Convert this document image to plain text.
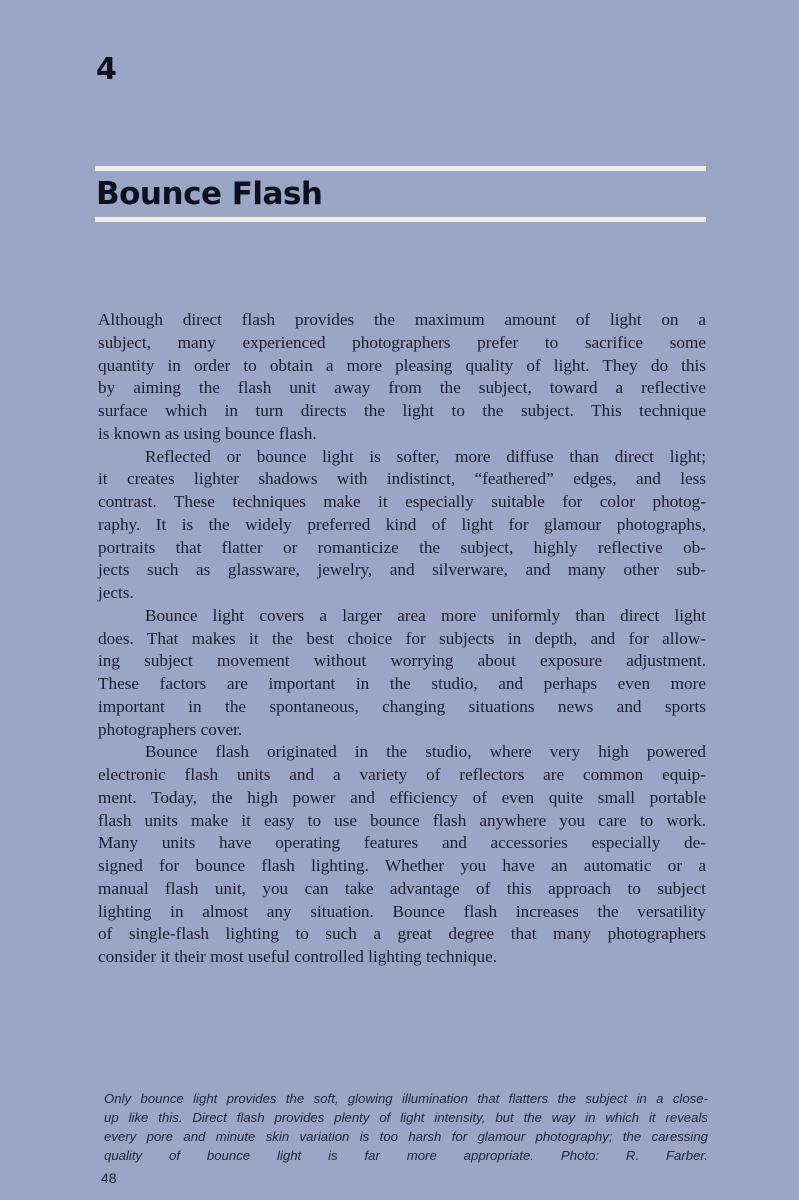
4
Bounce Flash
Although direct flash provides the maximum amount of light on a
subject, many experienced photographers prefer to sacrifice some
quantity in order to obtain a more pleasing quality of light. They do this
by aiming the flash unit away from the subject, toward a reflective
surface which in turn directs the light to the subject. This technique
is known as using bounce flash.
Reflected or bounce light is softer, more diffuse than direct light;
it creates lighter shadows with indistinct, “feathered” edges, and less
contrast. These techniques make it especially suitable for color photog-
raphy. It is the widely preferred kind of light for glamour photographs,
portraits that flatter or romanticize the subject, highly reflective ob-
jects such as glassware, jewelry, and silverware, and many other sub-
jects.
Bounce light covers a larger area more uniformly than direct light
does. That makes it the best choice for subjects in depth, and for allow-
ing subject movement without worrying about exposure adjustment.
These factors are important in the studio, and perhaps even more
important in the spontaneous, changing situations news and sports
photographers cover.
Bounce flash originated in the studio, where very high powered
electronic flash units and a variety of reflectors are common equip-
ment. Today, the high power and efficiency of even quite small portable
flash units make it easy to use bounce flash anywhere you care to work.
Many units have operating features and accessories especially de-
signed for bounce flash lighting. Whether you have an automatic or a
manual flash unit, you can take advantage of this approach to subject
lighting in almost any situation. Bounce flash increases the versatility
of single-flash lighting to such a great degree that many photographers
consider it their most useful controlled lighting technique.
Only bounce light provides the soft, glowing illumination that flatters the subject in a close-
up like this. Direct flash provides plenty of light intensity, but the way in which it reveals
every pore and minute skin variation is too harsh for glamour photography; the caressing
quality of bounce light is far more appropriate. Photo: R. Farber.
48
